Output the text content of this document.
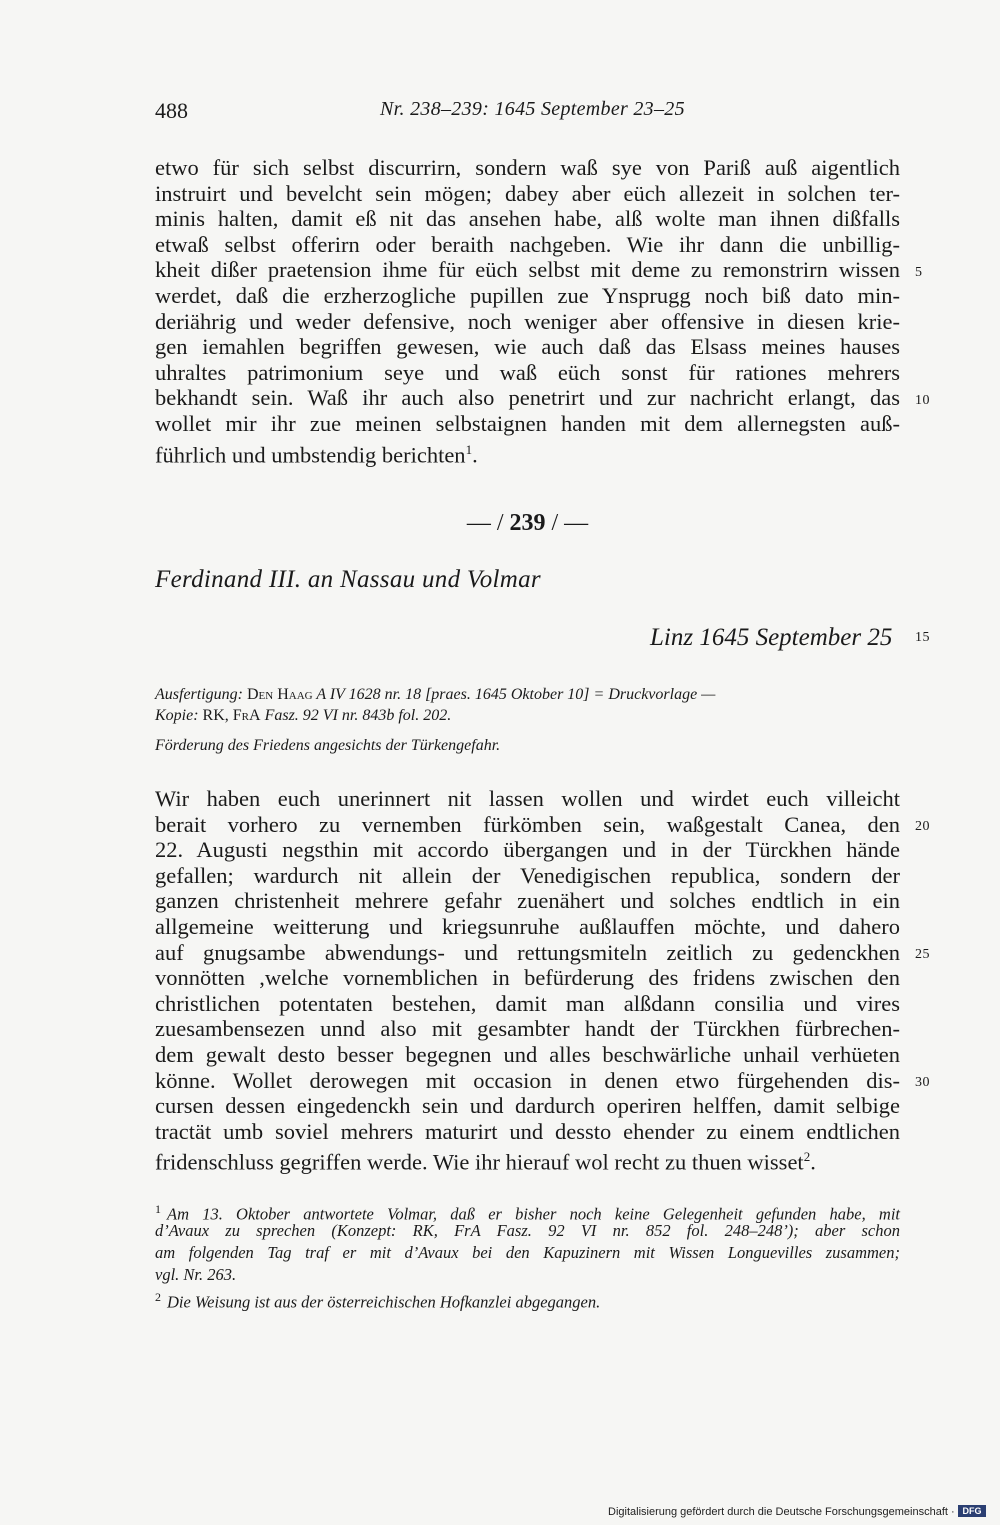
488	Nr. 238–239: 1645 September 23–25
etwo für sich selbst discurrirn, sondern waß sye von Pariß auß aigentlich
instruirt und bevelcht sein mögen; dabey aber eüch allezeit in solchen ter-
minis halten, damit eß nit das ansehen habe, alß wolte man ihnen dißfalls
etwaß selbst offerirn oder beraith nachgeben. Wie ihr dann die unbillig-
kheit dißer praetension ihme für eüch selbst mit deme zu remonstrirn wissen
werdet, daß die erzherzogliche pupillen zue Ynsprugg noch biß dato min-
deriährig und weder defensive, noch weniger aber offensive in diesen krie-
gen iemahlen begriffen gewesen, wie auch daß das Elsass meines hauses
uhraltes patrimonium seye und waß eüch sonst für rationes mehrers
bekhandt sein. Waß ihr auch also penetrirt und zur nachricht erlangt, das
wollet mir ihr zue meinen selbstaignen handen mit dem allernegsten auß-
führlich und umbstendig berichten$^1$.
5
10
— / 239 / —
Ferdinand III. an Nassau und Volmar
Linz 1645 September 25 15
Ausfertigung: Den Haag A IV 1628 nr. 18 [praes. 1645 Oktober 10] = Druckvorlage —
Kopie: RK, FrA Fasz. 92 VI nr. 843b fol. 202.
Förderung des Friedens angesichts der Türkengefahr.
Wir haben euch unerinnert nit lassen wollen und wirdet euch villeicht
berait vorhero zu vernemben fürkömben sein, waßgestalt Canea, den
22. Augusti negsthin mit accordo übergangen und in der Türckhen hände
gefallen; wardurch nit allein der Venedigischen republica, sondern der
ganzen christenheit mehrere gefahr zuenähert und solches endtlich in ein
allgemeine weitterung und kriegsunruhe außlauffen möchte, und dahero
auf gnugsambe abwendungs- und rettungsmiteln zeitlich zu gedenckhen
vonnötten ,welche vornemblichen in befürderung des fridens zwischen den
christlichen potentaten bestehen, damit man alßdann consilia und vires
zuesambensezen unnd also mit gesambter handt der Türckhen fürbrechen-
dem gewalt desto besser begegnen und alles beschwärliche unhail verhüeten
könne. Wollet derowegen mit occasion in denen etwo fürgehenden dis-
cursen dessen eingedenckh sein und dardurch operiren helffen, damit selbige
tractät umb soviel mehrers maturirt und dessto ehender zu einem endtlichen
fridenschluss gegriffen werde. Wie ihr hierauf wol recht zu thuen wisset$^2$.
20
25
30
$^1$ Am 13. Oktober antwortete Volmar, daß er bisher noch keine Gelegenheit gefunden habe, mit
d’Avaux zu sprechen (Konzept: RK, FrA Fasz. 92 VI nr. 852 fol. 248–248’); aber schon
am folgenden Tag traf er mit d’Avaux bei den Kapuzinern mit Wissen Longuevilles zusammen;
vgl. Nr. 263.
$^2$ Die Weisung ist aus der österreichischen Hofkanzlei abgegangen.
Digitalisierung gefördert durch die Deutsche Forschungsgemeinschaft · DFG
